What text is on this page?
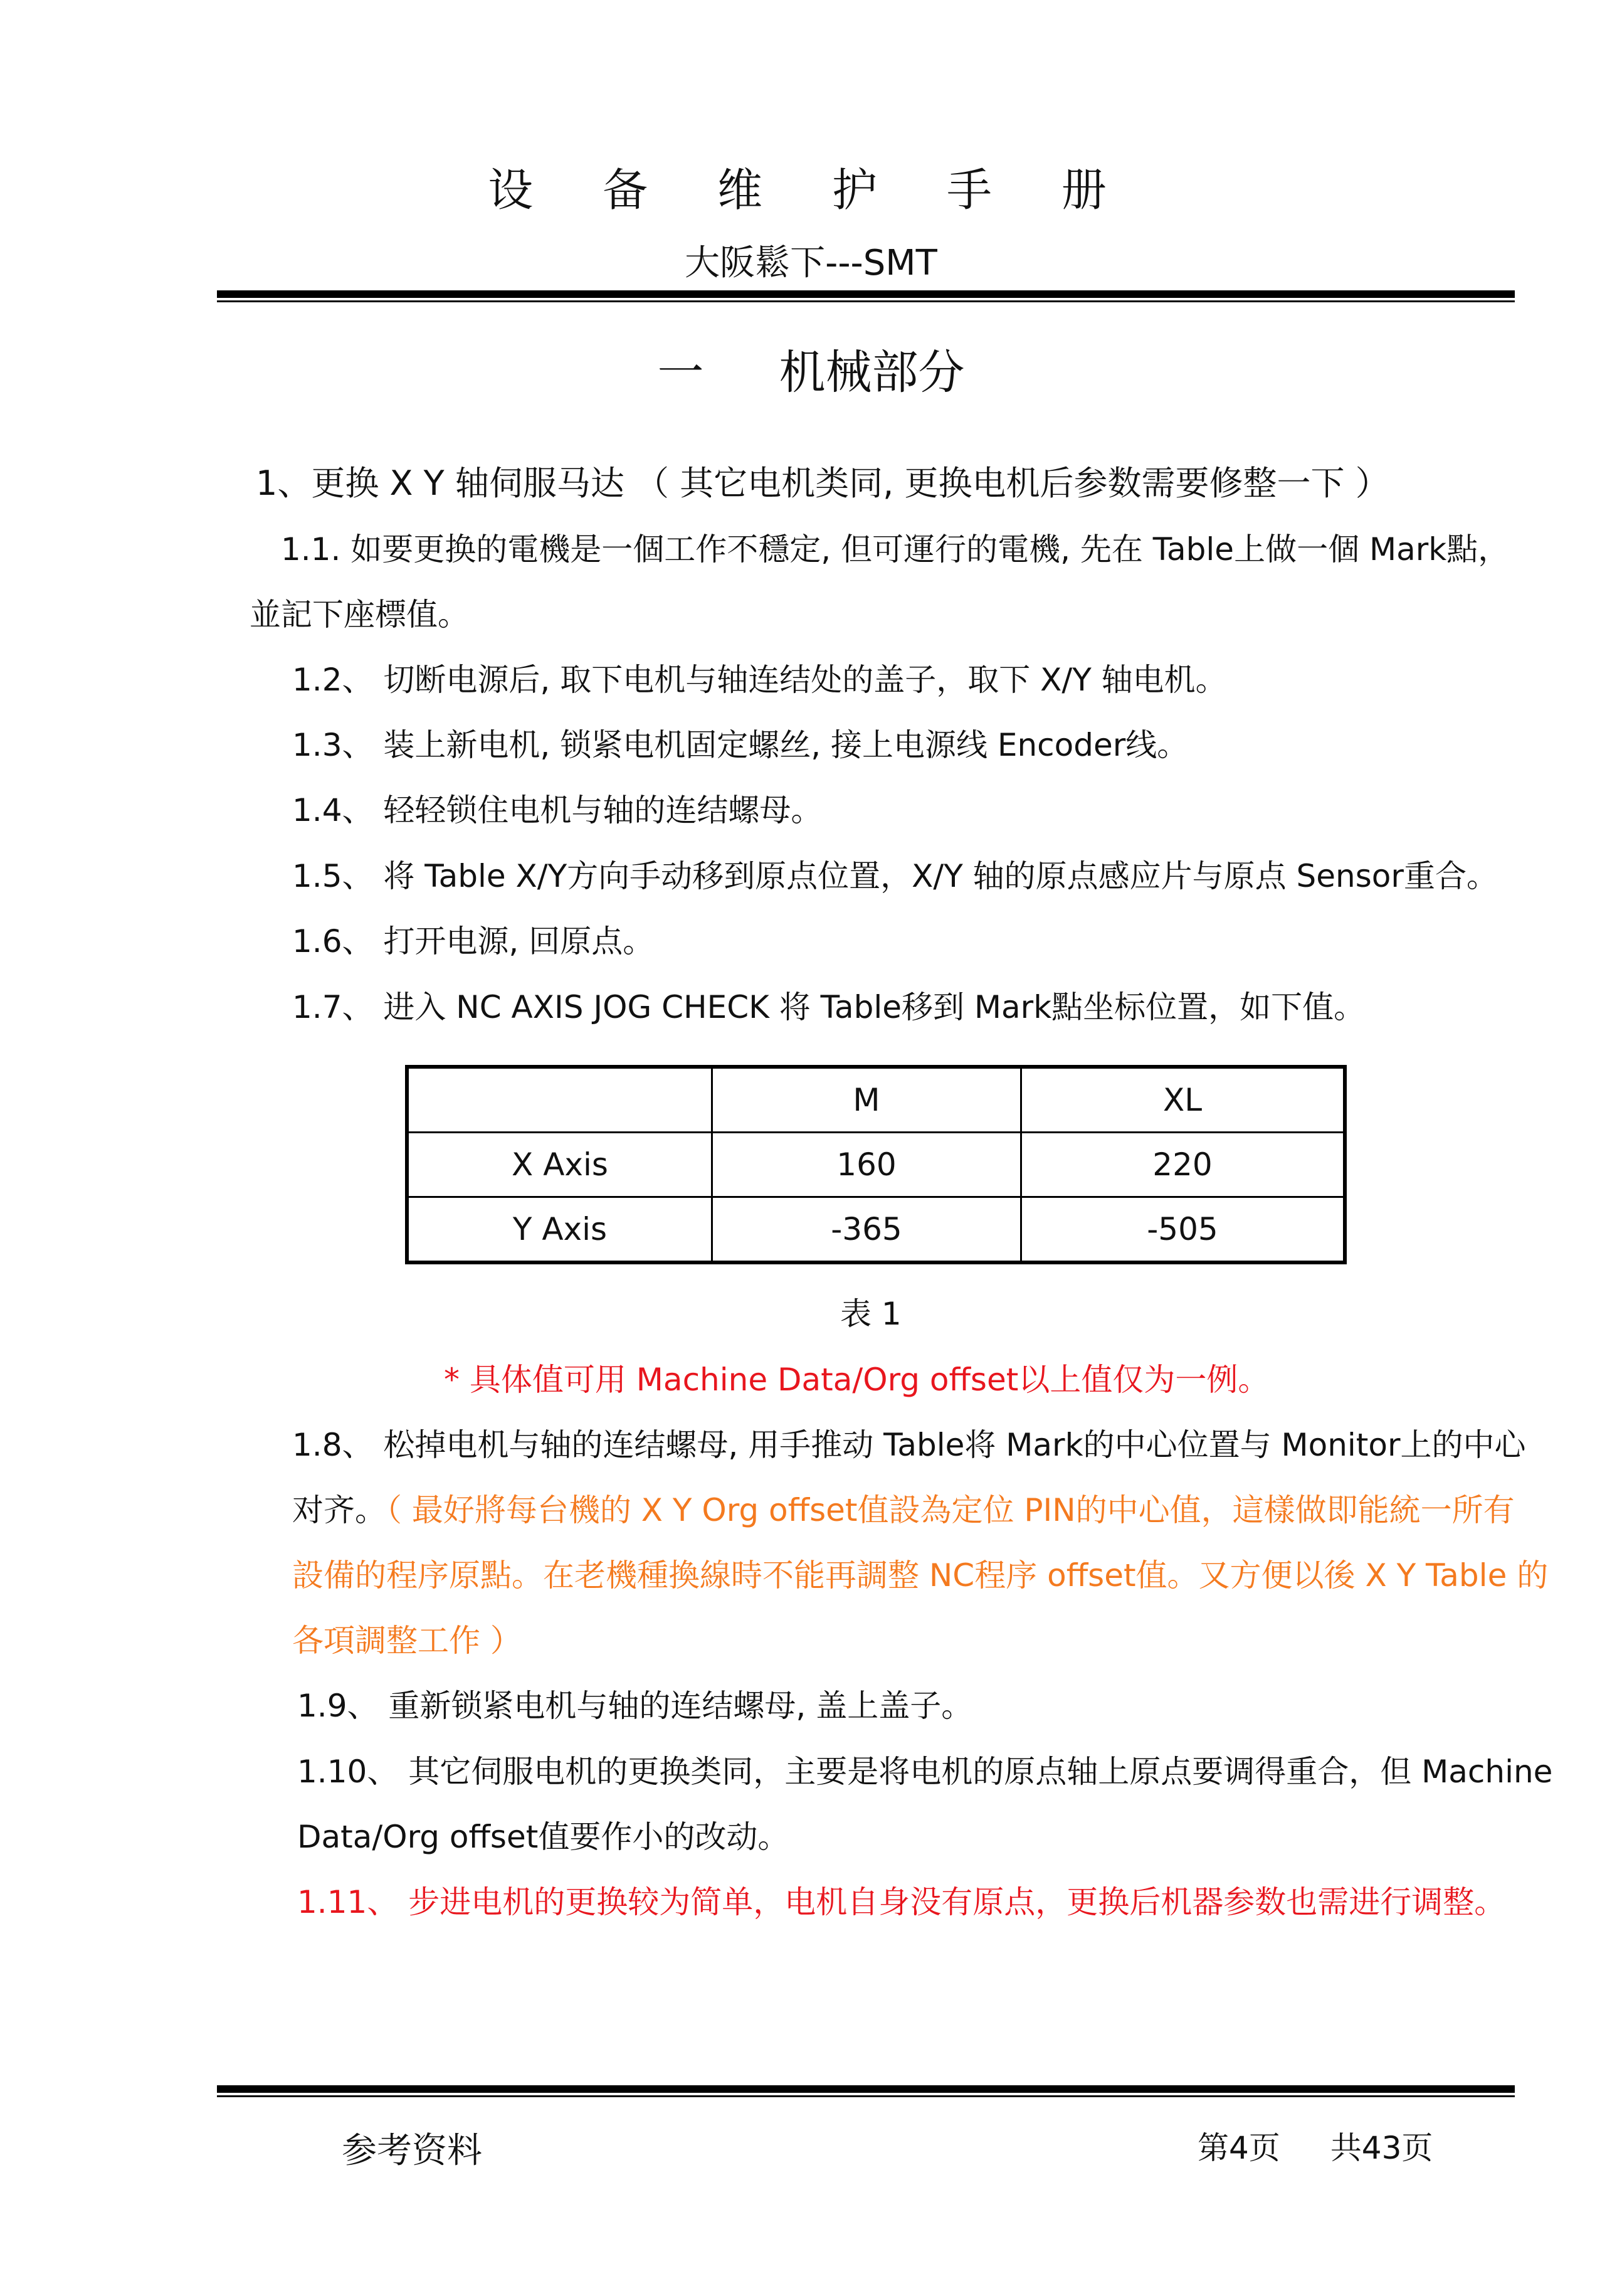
设 备 维 护 手 册
大阪鬆下---SMT
一 机械部分
1、更换 X Y 轴伺服马达 （ 其它电机类同, 更换电机后参数需要修整一下 ）
1.1. 如要更换的電機是一個工作不穩定, 但可運行的電機, 先在 Table上做一個 Mark點，
並記下座標值。
1.2、 切断电源后, 取下电机与轴连结处的盖子，取下 X/Y 轴电机。
1.3、 装上新电机, 锁紧电机固定螺丝, 接上电源线 Encoder线。
1.4、 轻轻锁住电机与轴的连结螺母。
1.5、 将 Table X/Y方向手动移到原点位置，X/Y 轴的原点感应片与原点 Sensor重合。
1.6、 打开电源, 回原点。
1.7、 进入 NC AXIS JOG CHECK 将 Table移到 Mark點坐标位置，如下值。
	M	XL
X Axis	160	220
Y Axis	-365	-505
表 1
* 具体值可用 Machine Data/Org offset以上值仅为一例。
1.8、 松掉电机与轴的连结螺母, 用手推动 Table将 Mark的中心位置与 Monitor上的中心
对齐。（ 最好將每台機的 X Y Org offset值設為定位 PIN的中心值，這樣做即能統一所有
設備的程序原點。在老機種換線時不能再調整 NC程序 offset值。又方便以後 X Y Table 的
各項調整工作 ）
1.9、 重新锁紧电机与轴的连结螺母, 盖上盖子。
1.10、 其它伺服电机的更换类同，主要是将电机的原点轴上原点要调得重合，但 Machine
Data/Org offset值要作小的改动。
1.11、 步进电机的更换较为简单，电机自身没有原点，更换后机器参数也需进行调整。
参考资料	第4页 共43页
